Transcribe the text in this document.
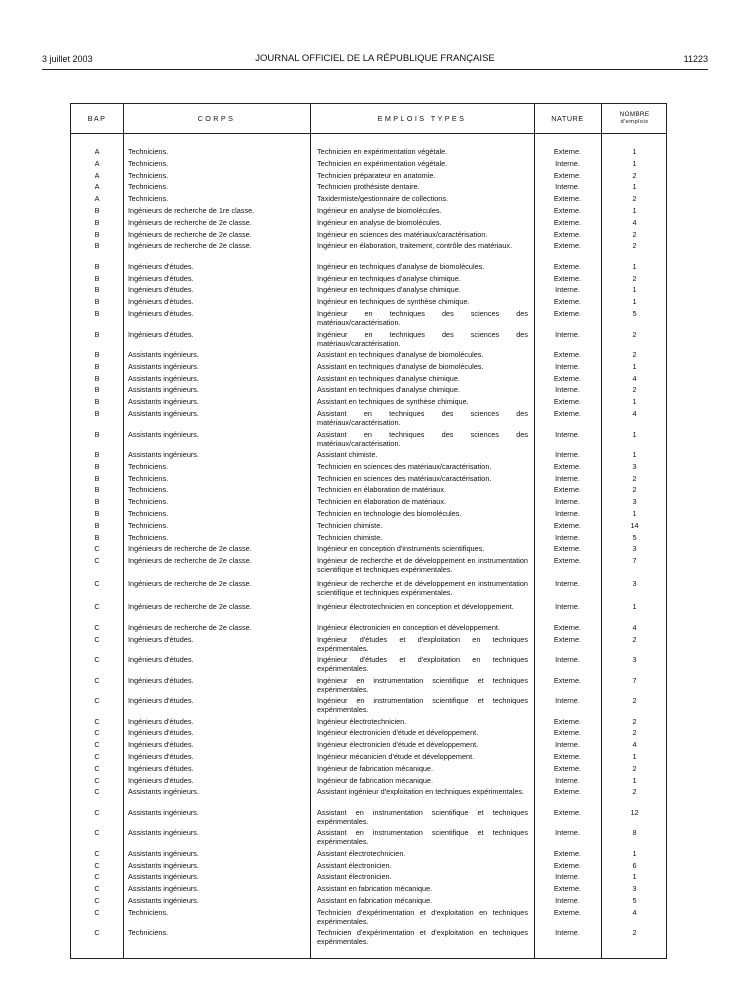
3 juillet 2003	JOURNAL OFFICIEL DE LA RÉPUBLIQUE FRANÇAISE	11223
BAP	CORPS	EMPLOIS TYPES	NATURE	NOMBRE
d'emplois
A	Techniciens.	Technicien en expérimentation végétale.	Externe.	1
A	Techniciens.	Technicien en expérimentation végétale.	Interne.	1
A	Techniciens.	Technicien préparateur en anatomie.	Externe.	2
A	Techniciens.	Technicien prothésiste dentaire.	Interne.	1
A	Techniciens.	Taxidermiste/gestionnaire de collections.	Externe.	2
B	Ingénieurs de recherche de 1re classe.	Ingénieur en analyse de biomolécules.	Externe.	1
B	Ingénieurs de recherche de 2e classe.	Ingénieur en analyse de biomolécules.	Externe.	4
B	Ingénieurs de recherche de 2e classe.	Ingénieur en sciences des matériaux/caractérisation.	Externe.	2
B	Ingénieurs de recherche de 2e classe.	Ingénieur en élaboration, traitement, contrôle des matériaux.	Externe.	2
B	Ingénieurs d'études.	Ingénieur en techniques d'analyse de biomolécules.	Externe.	1
B	Ingénieurs d'études.	Ingénieur en techniques d'analyse chimique.	Externe.	2
B	Ingénieurs d'études.	Ingénieur en techniques d'analyse chimique.	Interne.	1
B	Ingénieurs d'études.	Ingénieur en techniques de synthèse chimique.	Externe.	1
B	Ingénieurs d'études.	Ingénieur en techniques des sciences des matériaux/caractérisation.
Externe.	5
B	Ingénieurs d'études.	Ingénieur en techniques des sciences des matériaux/caractérisation.
Interne.	2
B	Assistants ingénieurs.	Assistant en techniques d'analyse de biomolécules.	Externe.	2
B	Assistants ingénieurs.	Assistant en techniques d'analyse de biomolécules.	Interne.	1
B	Assistants ingénieurs.	Assistant en techniques d'analyse chimique.	Externe.	4
B	Assistants ingénieurs.	Assistant en techniques d'analyse chimique.	Interne.	2
B	Assistants ingénieurs.	Assistant en techniques de synthèse chimique.	Externe.	1
B	Assistants ingénieurs.	Assistant en techniques des sciences des matériaux/caractérisation.
Externe.	4
B	Assistants ingénieurs.	Assistant en techniques des sciences des matériaux/caractérisation.
Interne.	1
B	Assistants ingénieurs.	Assistant chimiste.	Interne.	1
B	Techniciens.	Technicien en sciences des matériaux/caractérisation.	Externe.	3
B	Techniciens.	Technicien en sciences des matériaux/caractérisation.	Interne.	2
B	Techniciens.	Technicien en élaboration de matériaux.	Externe.	2
B	Techniciens.	Technicien en élaboration de matériaux.	Interne.	3
B	Techniciens.	Technicien en technologie des biomolécules.	Interne.	1
B	Techniciens.	Technicien chimiste.	Externe.	14
B	Techniciens.	Technicien chimiste.	Interne.	5
C	Ingénieurs de recherche de 2e classe.	Ingénieur en conception d'instruments scientifiques.	Externe.	3
C	Ingénieurs de recherche de 2e classe.	Ingénieur de recherche et de développement en instrumentation scientifique et techniques expérimentales.
Externe.	7
C	Ingénieurs de recherche de 2e classe.	Ingénieur de recherche et de développement en instrumentation scientifique et techniques expérimentales.
Interne.	3
C	Ingénieurs de recherche de 2e classe.	Ingénieur électrotechnicien en conception et développement.	Interne.	1
C	Ingénieurs de recherche de 2e classe.	Ingénieur électronicien en conception et développement.	Externe.	4
C	Ingénieurs d'études.	Ingénieur d'études et d'exploitation en techniques expérimentales.
Externe.	2
C	Ingénieurs d'études.	Ingénieur d'études et d'exploitation en techniques expérimentales.
Interne.	3
C	Ingénieurs d'études.	Ingénieur en instrumentation scientifique et techniques expérimentales.
Externe.	7
C	Ingénieurs d'études.	Ingénieur en instrumentation scientifique et techniques expérimentales.
Interne.	2
C	Ingénieurs d'études.	Ingénieur électrotechnicien.	Externe.	2
C	Ingénieurs d'études.	Ingénieur électronicien d'étude et développement.	Externe.	2
C	Ingénieurs d'études.	Ingénieur électronicien d'étude et développement.	Interne.	4
C	Ingénieurs d'études.	Ingénieur mécanicien d'étude et développement.	Externe.	1
C	Ingénieurs d'études.	Ingénieur de fabrication mécanique.	Externe.	2
C	Ingénieurs d'études.	Ingénieur de fabrication mécanique.	Interne.	1
C	Assistants ingénieurs.	Assistant ingénieur d'exploitation en techniques expérimentales.	Externe.	2
C	Assistants ingénieurs.	Assistant en instrumentation scientifique et techniques expérimentales.
Externe.	12
C	Assistants ingénieurs.	Assistant en instrumentation scientifique et techniques expérimentales.
Interne.	8
C	Assistants ingénieurs.	Assistant électrotechnicien.	Externe.	1
C	Assistants ingénieurs.	Assistant électronicien.	Externe.	6
C	Assistants ingénieurs.	Assistant électronicien.	Interne.	1
C	Assistants ingénieurs.	Assistant en fabrication mécanique.	Externe.	3
C	Assistants ingénieurs.	Assistant en fabrication mécanique.	Interne.	5
C	Techniciens.	Technicien d'expérimentation et d'exploitation en techniques expérimentales.
Externe.	4
C	Techniciens.	Technicien d'expérimentation et d'exploitation en techniques expérimentales.
Interne.	2
